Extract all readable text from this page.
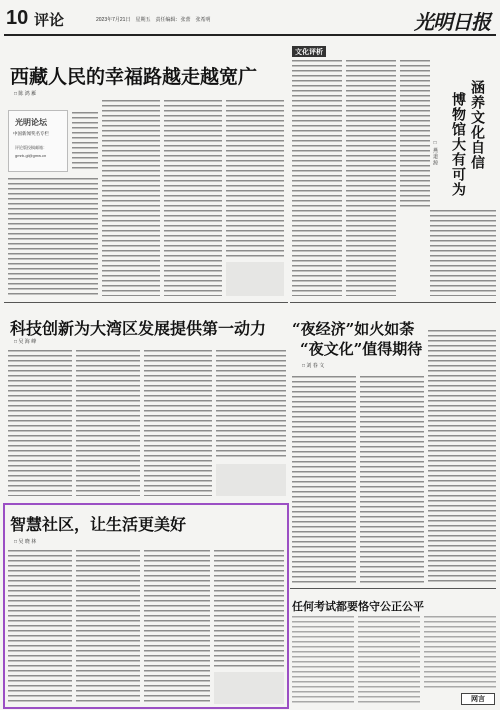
10 评论	2023年7月21日　星期五　责任编辑：张蕾　张希明	光明日报
西藏人民的幸福路越走越宽广
□ 陈 鸿 雁
光明论坛
中国新闻奖名专栏
评论版投稿邮箱：
gmrb-gl@gmw.cn
文化评析
涵养文化自信
博物馆大有可为
□ 燕 道 源
科技创新为大湾区发展提供第一动力
□ 吴 海 峰
“夜经济”如火如荼
“夜文化”值得期待
□ 刘 春 文
智慧社区，让生活更美好
□ 吴 晓 林
任何考试都要恪守公正公平
网言
